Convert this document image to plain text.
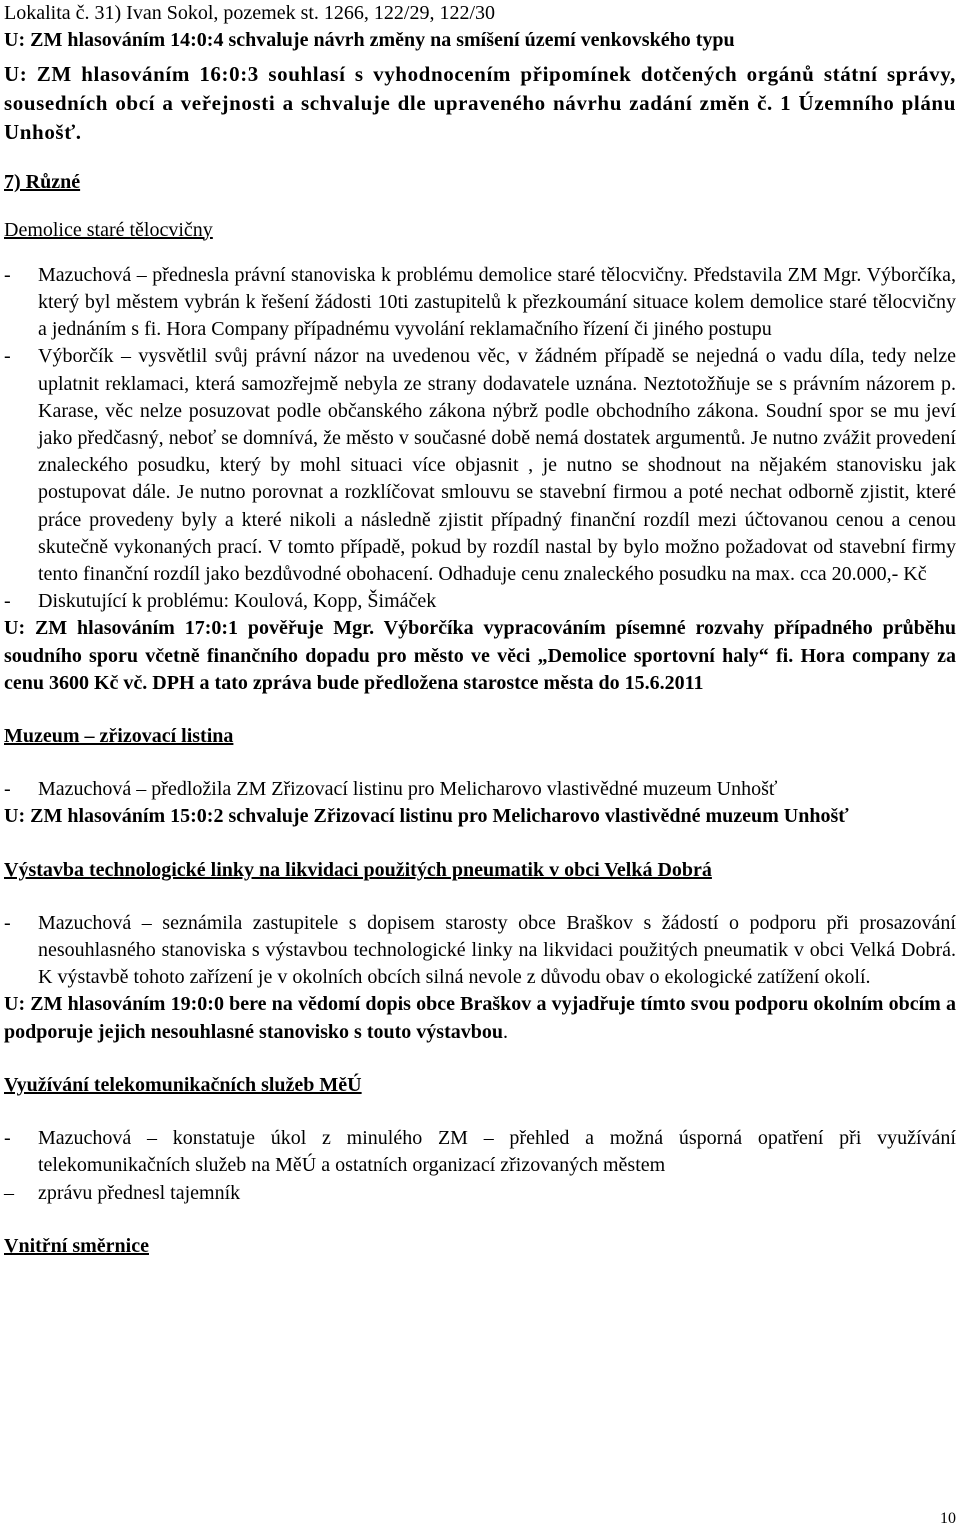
Lokalita č. 31) Ivan Sokol, pozemek st. 1266, 122/29, 122/30

U: ZM hlasováním 14:0:4 schvaluje návrh změny na smíšení území venkovského typu

U: ZM hlasováním 16:0:3 souhlasí s vyhodnocením připomínek dotčených orgánů státní správy, sousedních obcí a veřejnosti a schvaluje dle upraveného návrhu zadání změn č. 1 Územního plánu Unhošť.

7) Různé

Demolice staré tělocvičny

-	Mazuchová – přednesla právní stanoviska k problému demolice staré tělocvičny. Představila ZM Mgr. Výborčíka, který byl městem vybrán k řešení žádosti 10ti zastupitelů k přezkoumání situace kolem demolice staré tělocvičny a jednáním s fi. Hora Company případnému vyvolání reklamačního řízení či jiného postupu
-	Výborčík – vysvětlil svůj právní názor na uvedenou věc, v žádném případě se nejedná o vadu díla, tedy nelze uplatnit reklamaci, která samozřejmě nebyla ze strany dodavatele uznána. Neztotožňuje se s právním názorem p. Karase, věc nelze posuzovat podle občanského zákona nýbrž podle obchodního zákona. Soudní spor se mu jeví jako předčasný, neboť se domnívá, že město v současné době nemá dostatek argumentů. Je nutno zvážit provedení znaleckého posudku, který by mohl situaci více objasnit , je nutno se shodnout na nějakém stanovisku jak postupovat dále. Je nutno porovnat a rozklíčovat smlouvu se stavební firmou a poté nechat odborně zjistit, které práce provedeny byly a které nikoli a následně zjistit případný finanční rozdíl mezi účtovanou cenou a cenou skutečně vykonaných prací. V tomto případě, pokud by rozdíl nastal by bylo možno požadovat od stavební firmy tento finanční rozdíl jako bezdůvodné obohacení. Odhaduje cenu znaleckého posudku na max. cca 20.000,- Kč
-	Diskutující k problému: Koulová, Kopp, Šimáček

U: ZM hlasováním 17:0:1 pověřuje Mgr. Výborčíka vypracováním písemné rozvahy případného průběhu soudního sporu včetně finančního dopadu pro město ve věci „Demolice sportovní haly“ fi. Hora company za cenu 3600 Kč vč. DPH a tato zpráva bude předložena starostce města do 15.6.2011

Muzeum – zřizovací listina

-	Mazuchová – předložila ZM Zřizovací listinu pro Melicharovo vlastivědné muzeum Unhošť

U: ZM hlasováním 15:0:2 schvaluje Zřizovací listinu pro Melicharovo vlastivědné muzeum Unhošť

Výstavba technologické linky na likvidaci použitých pneumatik v obci Velká Dobrá

-	Mazuchová – seznámila zastupitele s dopisem starosty obce Braškov s žádostí o podporu při prosazování nesouhlasného stanoviska s výstavbou technologické linky na likvidaci použitých pneumatik v obci Velká Dobrá. K výstavbě tohoto zařízení je v okolních obcích silná nevole z důvodu obav o ekologické zatížení okolí.

U: ZM hlasováním 19:0:0 bere na vědomí dopis obce Braškov a vyjadřuje tímto svou podporu okolním obcím a podporuje jejich nesouhlasné stanovisko s touto výstavbou.

Využívání telekomunikačních služeb MěÚ

-	Mazuchová – konstatuje úkol z minulého ZM – přehled a možná úsporná opatření při využívání telekomunikačních služeb na MěÚ a ostatních organizací zřizovaných městem
–	zprávu přednesl tajemník

Vnitřní směrnice

10
